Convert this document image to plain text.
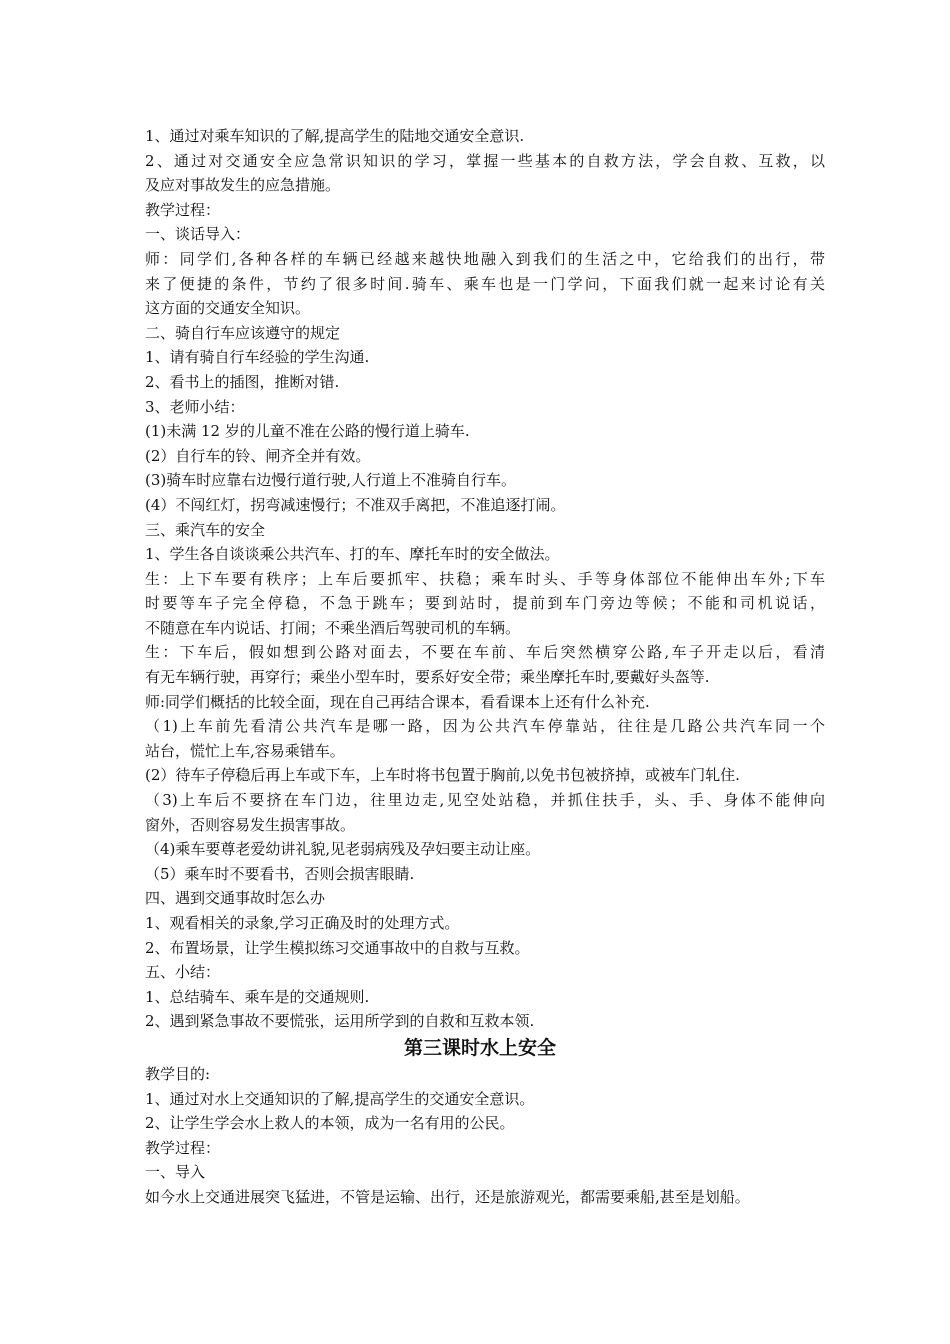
1、通过对乘车知识的了解,提高学生的陆地交通安全意识.
2、通过对交通安全应急常识知识的学习，掌握一些基本的自救方法，学会自救、互救，以
及应对事故发生的应急措施。
教学过程：
一、谈话导入：
师：同学们,各种各样的车辆已经越来越快地融入到我们的生活之中，它给我们的出行，带
来了便捷的条件，节约了很多时间.骑车、乘车也是一门学问，下面我们就一起来讨论有关
这方面的交通安全知识。
二、骑自行车应该遵守的规定
1、请有骑自行车经验的学生沟通.
2、看书上的插图，推断对错.
3、老师小结：
(1)未满 12 岁的儿童不准在公路的慢行道上骑车.
(2）自行车的铃、闸齐全并有效。
(3)骑车时应靠右边慢行道行驶,人行道上不准骑自行车。
(4）不闯红灯，拐弯减速慢行；不准双手离把，不准追逐打闹。
三、乘汽车的安全
1、学生各自谈谈乘公共汽车、打的车、摩托车时的安全做法。
生：上下车要有秩序；上车后要抓牢、扶稳；乘车时头、手等身体部位不能伸出车外;下车
时要等车子完全停稳，不急于跳车；要到站时，提前到车门旁边等候；不能和司机说话，
不随意在车内说话、打闹；不乘坐酒后驾驶司机的车辆。
生：下车后，假如想到公路对面去，不要在车前、车后突然横穿公路,车子开走以后，看清
有无车辆行驶，再穿行；乘坐小型车时，要系好安全带；乘坐摩托车时,要戴好头盔等.
师:同学们概括的比较全面，现在自己再结合课本，看看课本上还有什么补充.
（1)上车前先看清公共汽车是哪一路，因为公共汽车停靠站，往往是几路公共汽车同一个
站台，慌忙上车,容易乘错车。
(2）待车子停稳后再上车或下车，上车时将书包置于胸前,以免书包被挤掉，或被车门轧住.
（3)上车后不要挤在车门边，往里边走,见空处站稳，并抓住扶手，头、手、身体不能伸向
窗外，否则容易发生损害事故。
（4)乘车要尊老爱幼讲礼貌,见老弱病残及孕妇要主动让座。
（5）乘车时不要看书，否则会损害眼睛.
四、遇到交通事故时怎么办
1、观看相关的录象,学习正确及时的处理方式。
2、布置场景，让学生模拟练习交通事故中的自救与互救。
五、小结：
1、总结骑车、乘车是的交通规则.
2、遇到紧急事故不要慌张，运用所学到的自救和互救本领.
第三课时水上安全
教学目的:
1、通过对水上交通知识的了解,提高学生的交通安全意识。
2、让学生学会水上救人的本领，成为一名有用的公民。
教学过程：
一、导入
如今水上交通进展突飞猛进，不管是运输、出行，还是旅游观光，都需要乘船,甚至是划船。
